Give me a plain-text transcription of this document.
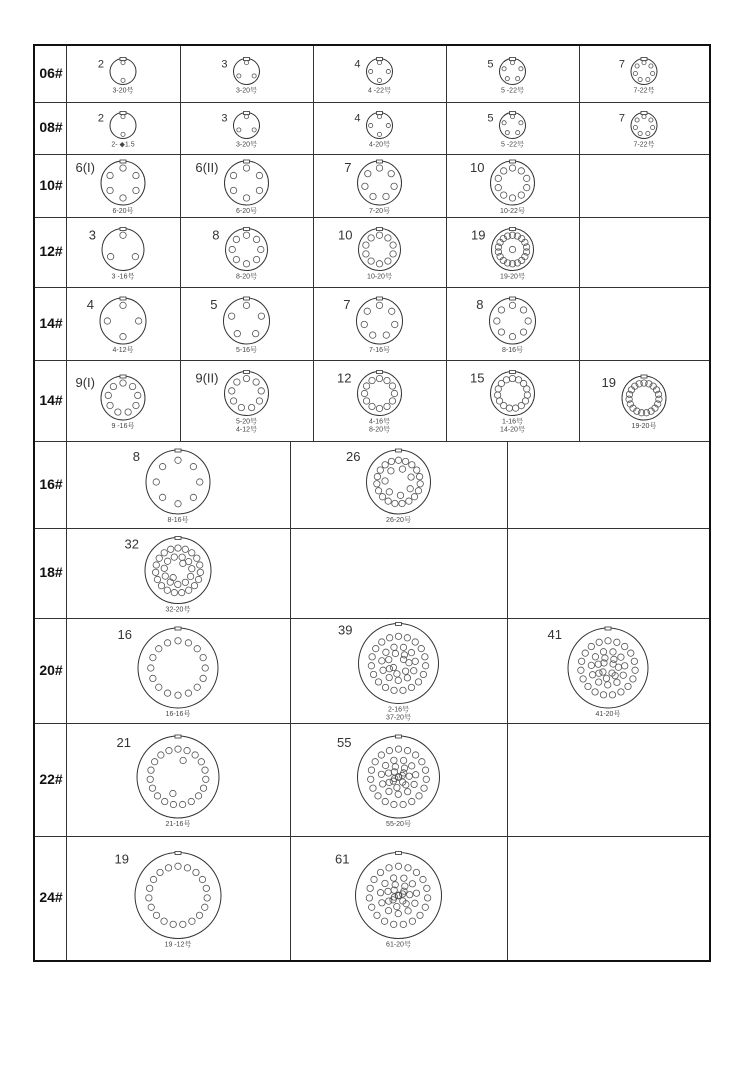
06#
2
3-20号
3
3-20号
4
4 -22号
5
5 -22号
7
7-22号
08#
2
2- ◆1.5
3
3-20号
4
4-20号
5
5 -22号
7
7-22号
10#
6(I)
6-20号
6(II)
6-20号
7
7-20号
10
10-22号
12#
3
3 -16号
8
8-20号
10
10-20号
19
19-20号
14#
4
4-12号
5
5-16号
7
7-16号
8
8-16号
14#
9(I)
9 -16号
9(II)
5-20号
4-12号
12
4-16号
8-20号
15
1-16号
14-20号
19
19-20号
16#
8
8-16号
26
26-20号
18#
32
32-20号
20#
16
16-16号
39
2-16号
37-20号
41
41-20号
22#
21
21-16号
55
55-20号
24#
19
19 -12号
61
61-20号
